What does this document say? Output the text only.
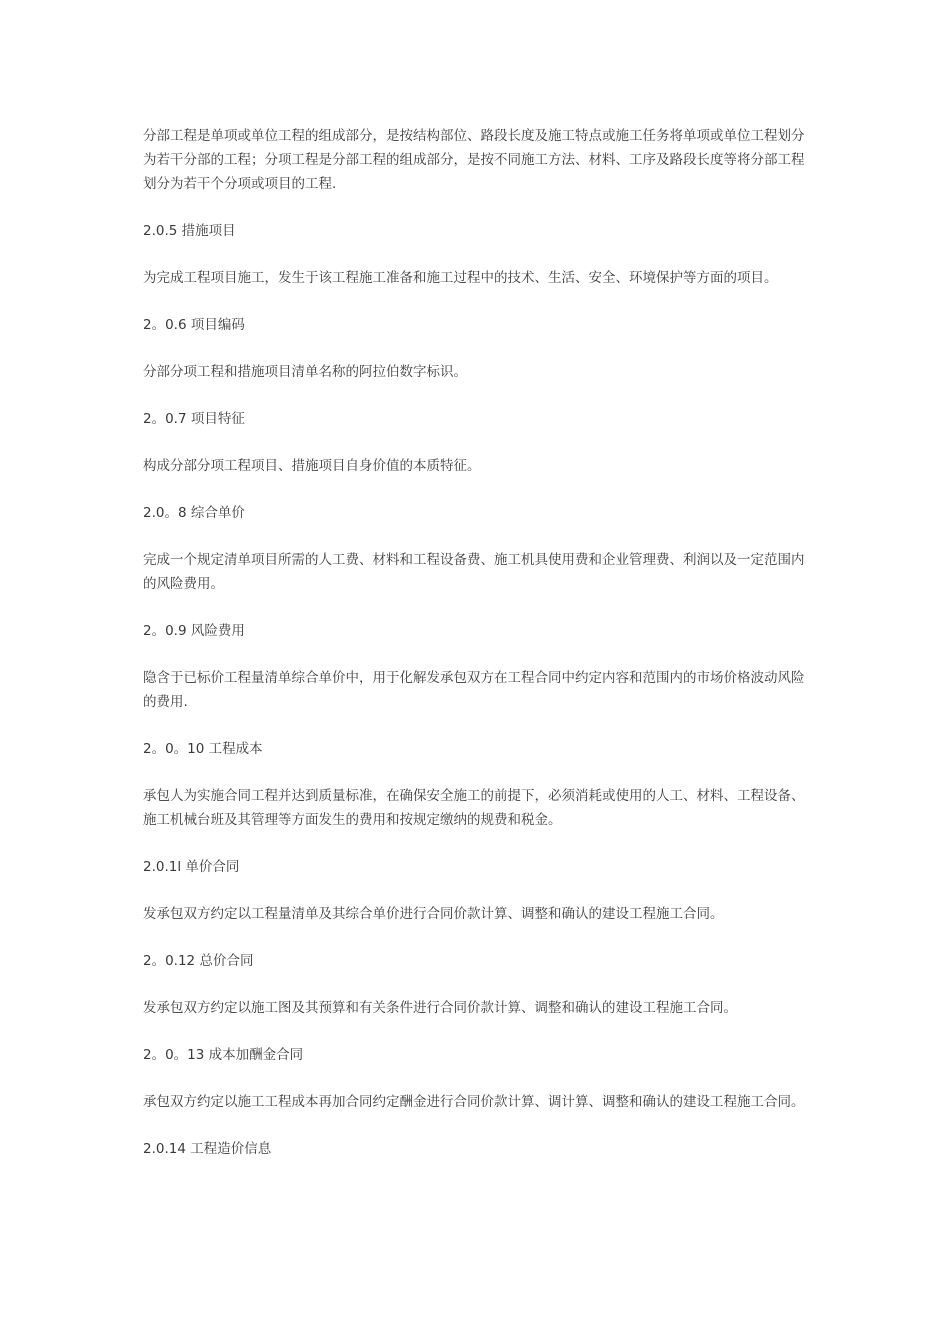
分部工程是单项或单位工程的组成部分，是按结构部位、路段长度及施工特点或施工任务将单项或单位工程划分为若干分部的工程；分项工程是分部工程的组成部分，是按不同施工方法、材料、工序及路段长度等将分部工程划分为若干个分项或项目的工程.

2.0.5 措施项目

为完成工程项目施工，发生于该工程施工准备和施工过程中的技术、生活、安全、环境保护等方面的项目。

2。0.6 项目编码

分部分项工程和措施项目清单名称的阿拉伯数字标识。

2。0.7 项目特征

构成分部分项工程项目、措施项目自身价值的本质特征。

2.0。8 综合单价

完成一个规定清单项目所需的人工费、材料和工程设备费、施工机具使用费和企业管理费、利润以及一定范围内的风险费用。

2。0.9 风险费用

隐含于已标价工程量清单综合单价中，用于化解发承包双方在工程合同中约定内容和范围内的市场价格波动风险的费用.

2。0。10 工程成本

承包人为实施合同工程并达到质量标准，在确保安全施工的前提下，必须消耗或使用的人工、材料、工程设备、施工机械台班及其管理等方面发生的费用和按规定缴纳的规费和税金。

2.0.1l 单价合同

发承包双方约定以工程量清单及其综合单价进行合同价款计算、调整和确认的建设工程施工合同。

2。0.12 总价合同

发承包双方约定以施工图及其预算和有关条件进行合同价款计算、调整和确认的建设工程施工合同。

2。0。13 成本加酬金合同

承包双方约定以施工工程成本再加合同约定酬金进行合同价款计算、调计算、调整和确认的建设工程施工合同。

2.0.14 工程造价信息
